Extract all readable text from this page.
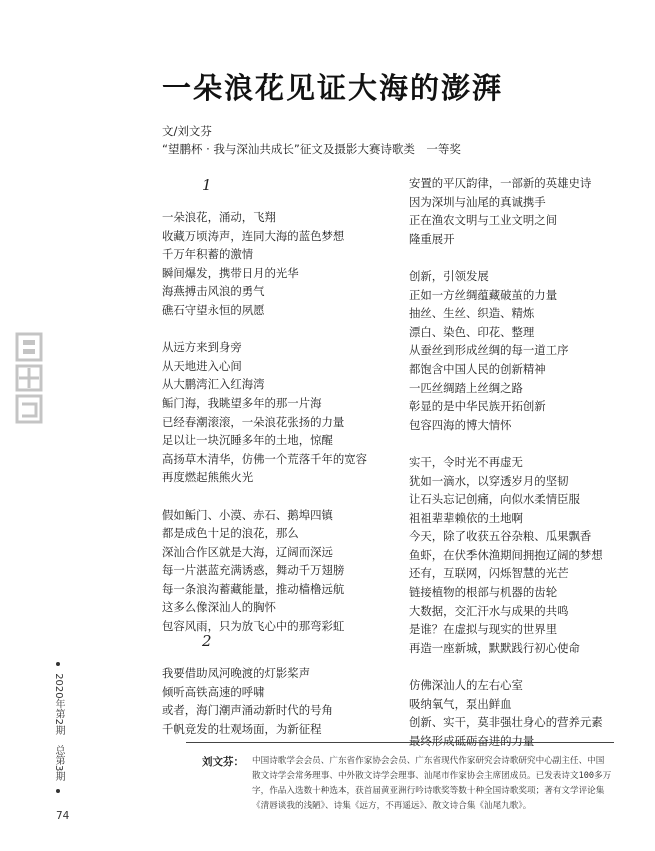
一朵浪花见证大海的澎湃
文/刘文芬
“望鹏杯 · 我与深汕共成长”征文及摄影大赛诗歌类　一等奖
1
一朵浪花，涌动，飞翔
收藏万顷涛声，连同大海的蓝色梦想
千万年积蓄的激情
瞬间爆发，携带日月的光华
海燕搏击风浪的勇气
礁石守望永恒的夙愿
从远方来到身旁
从天地进入心间
从大鹏湾汇入红海湾
鲘门海，我眺望多年的那一片海
已经春潮滚滚，一朵浪花张扬的力量
足以让一块沉睡多年的土地，惊醒
高扬草木清华，仿佛一个荒落千年的宽容
再度燃起熊熊火光
假如鲘门、小漠、赤石、鹅埠四镇
都是成色十足的浪花，那么
深汕合作区就是大海，辽阔而深远
每一片湛蓝充满诱惑，舞动千万翅膀
每一条浪沟蓄藏能量，推动樯橹远航
这多么像深汕人的胸怀
包容风雨，只为放飞心中的那弯彩虹
2
我要借助凤河晚渡的灯影桨声
倾听高铁高速的呼啸
或者，海门潮声涌动新时代的号角
千帆竞发的壮观场面，为新征程
安置的平仄韵律，一部新的英雄史诗
因为深圳与汕尾的真诚携手
正在渔农文明与工业文明之间
隆重展开
创新，引领发展
正如一方丝绸蕴藏破茧的力量
抽丝、生丝、织造、精炼
漂白、染色、印花、整理
从蚕丝到形成丝绸的每一道工序
都饱含中国人民的创新精神
一匹丝绸踏上丝绸之路
彰显的是中华民族开拓创新
包容四海的博大情怀
实干，令时光不再虚无
犹如一滴水，以穿透岁月的坚韧
让石头忘记创痛，向似水柔情臣服
祖祖辈辈赖依的土地啊
今天，除了收获五谷杂粮、瓜果飘香
鱼虾，在伏季休渔期间拥抱辽阔的梦想
还有，互联网，闪烁智慧的光芒
链接植物的根部与机器的齿轮
大数据，交汇汗水与成果的共鸣
是谁？在虚拟与现实的世界里
再造一座新城，默默践行初心使命
仿佛深汕人的左右心室
吸纳氧气，泵出鲜血
创新、实干，莫非强壮身心的营养元素
最终形成砥砺奋进的力量
2020年第2期　总第3期
74
刘文芬： 中国诗歌学会会员、广东省作家协会会员、广东省现代作家研究会诗歌研究中心副主任、中国散文诗学会常务理事、中外散文诗学会理事、汕尾市作家协会主席团成员。已发表诗文100多万字，作品入选数十种选本，获首届黄亚洲行吟诗歌奖等数十种全国诗歌奖项；著有文学评论集《清唇谈我的浅陋》、诗集《远方，不再遥远》、散文诗合集《汕尾九歌》。
